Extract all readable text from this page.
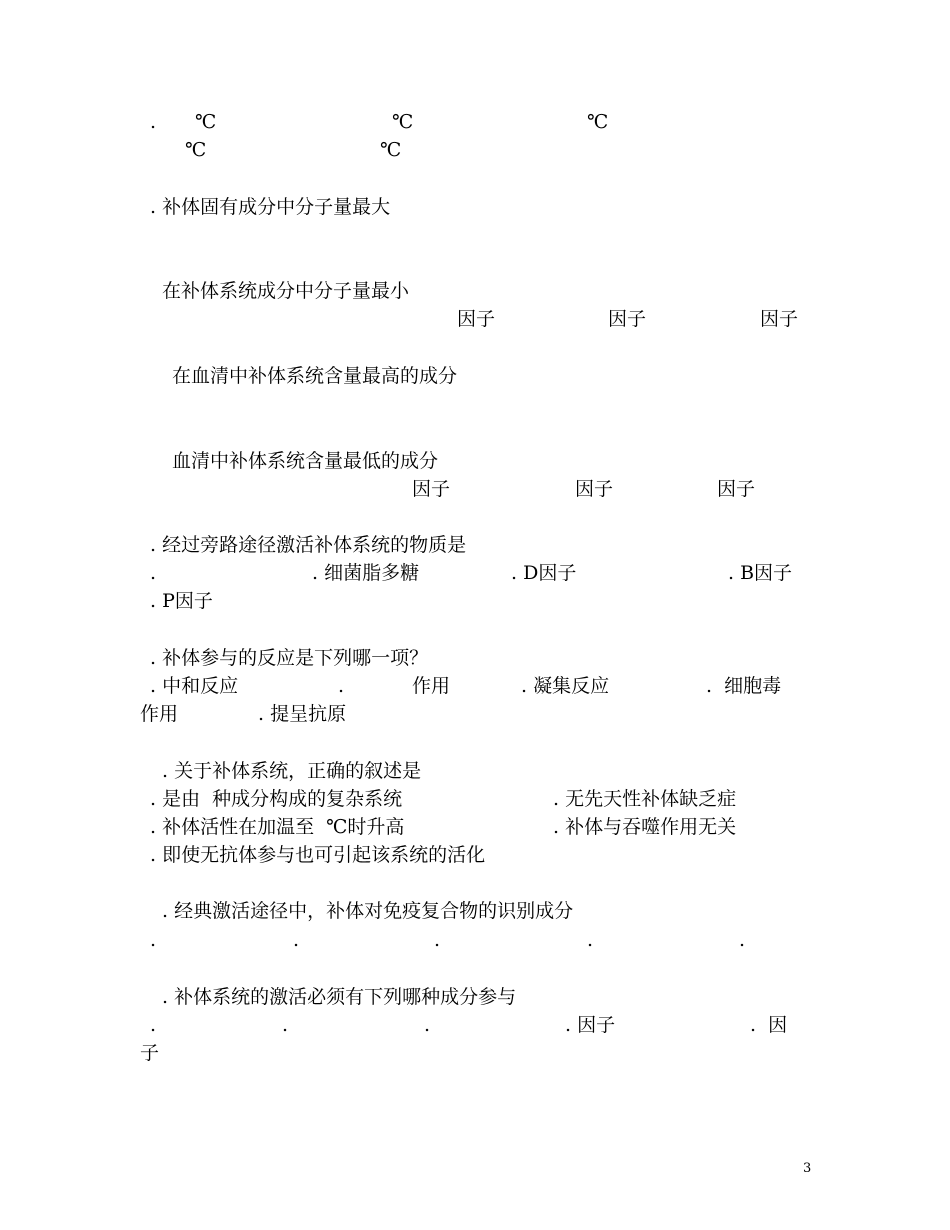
. ℃	℃	℃
℃	℃
. 补体固有成分中分子量最大
在补体系统成分中分子量最小
因子	因子	因子
在血清中补体系统含量最高的成分
血清中补体系统含量最低的成分
因子	因子	因子
. 经过旁路途径激活补体系统的物质是
.	. 细菌脂多糖	. D因子	. B因子
. P因子
. 补体参与的反应是下列哪一项？
. 中和反应	.	作用	. 凝集反应	.  细胞毒
作用	. 提呈抗原
. 关于补体系统，正确的叙述是
. 是由  种成分构成的复杂系统	. 无先天性补体缺乏症
. 补体活性在加温至  ℃时升高	. 补体与吞噬作用无关
. 即使无抗体参与也可引起该系统的活化
. 经典激活途径中，补体对免疫复合物的识别成分
.	.	.	.	.
. 补体系统的激活必须有下列哪种成分参与
.	.	.	. 因子	.  因
子
3
